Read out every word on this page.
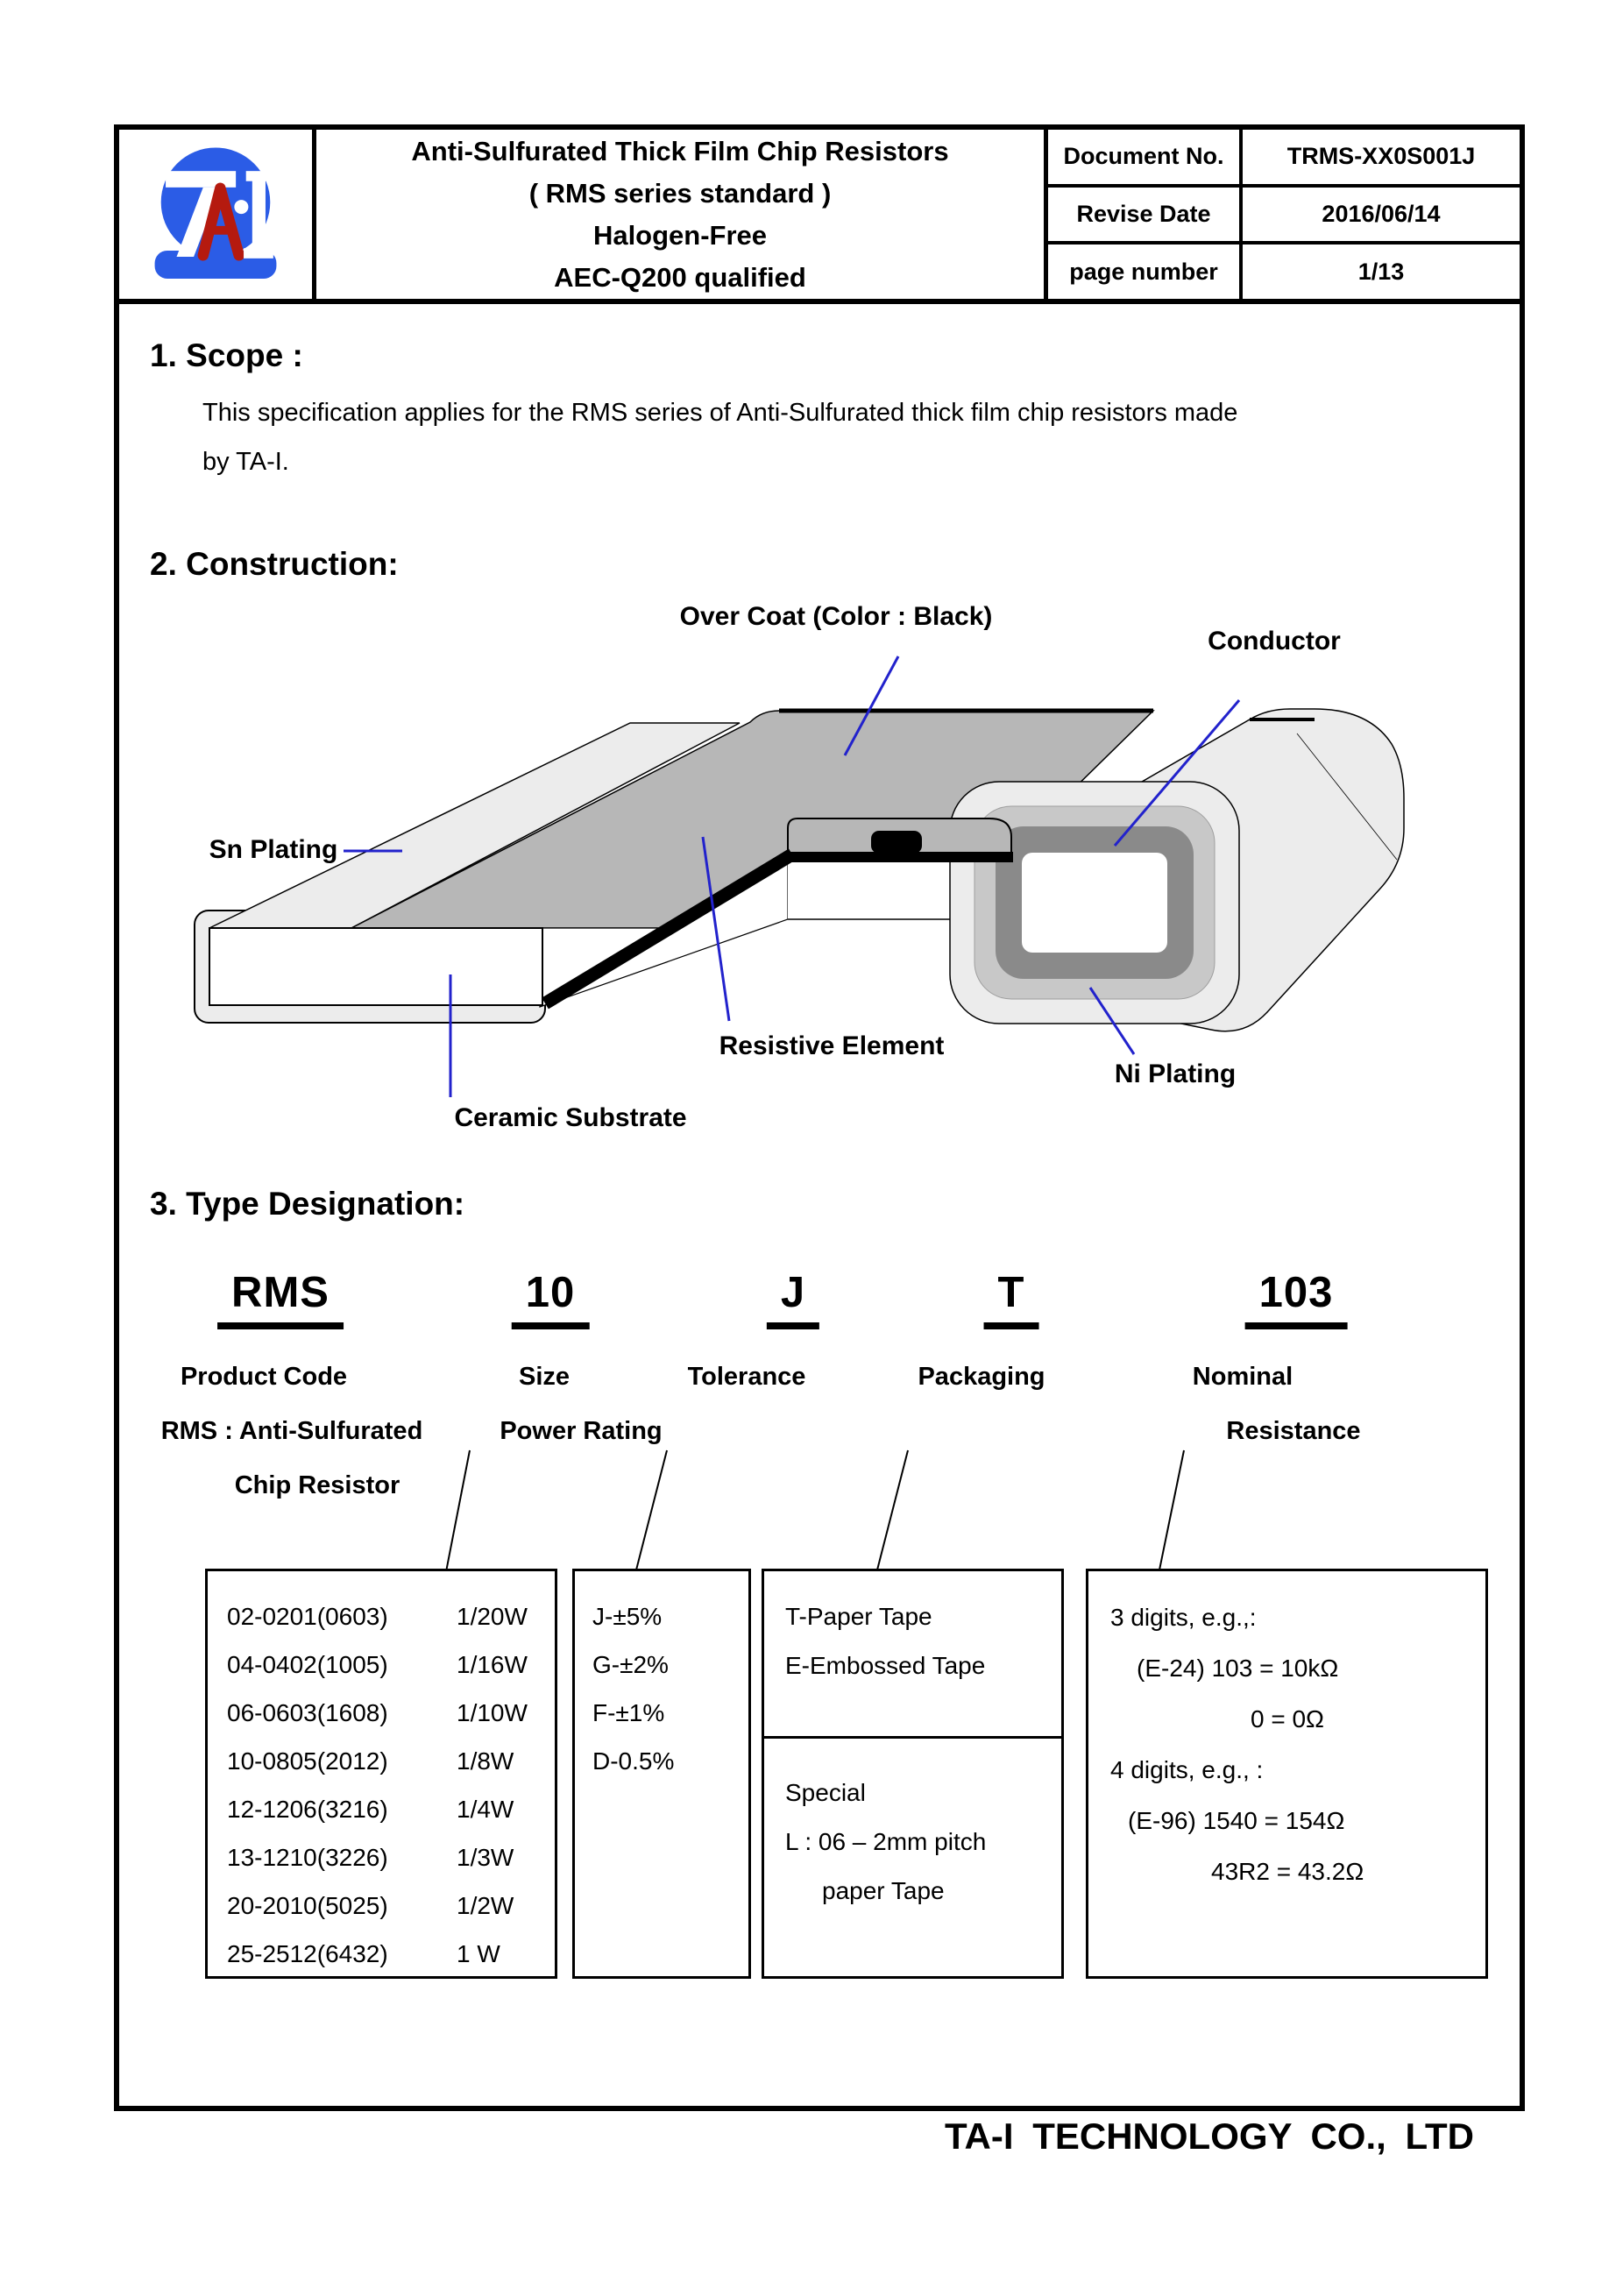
Anti-Sulfurated Thick Film Chip Resistors
( RMS series standard )
Halogen-Free
AEC-Q200 qualified
Document No.	TRMS-XX0S001J
Revise Date	2016/06/14
page number	1/13
1. Scope :
This specification applies for the RMS series of Anti-Sulfurated thick film chip resistors made
by TA-I.
2. Construction:
Over Coat (Color : Black)
Conductor
Sn Plating
Resistive Element
Ni Plating
Ceramic Substrate
3. Type Designation:
RMS	10	J	T	103
Product Code	Size	Tolerance	Packaging	Nominal
RMS : Anti-Sulfurated	Power Rating	Resistance
Chip Resistor
02-0201(0603)	1/20W
04-0402(1005)	1/16W
06-0603(1608)	1/10W
10-0805(2012)	1/8W
12-1206(3216)	1/4W
13-1210(3226)	1/3W
20-2010(5025)	1/2W
25-2512(6432)	1 W
J-±5%
G-±2%
F-±1%
D-0.5%
T-Paper Tape
E-Embossed Tape
Special
L : 06 – 2mm pitch
paper Tape
3 digits, e.g.,:
(E-24) 103 = 10kΩ
0 = 0Ω
4 digits, e.g., :
(E-96) 1540 = 154Ω
43R2 = 43.2Ω
TA-I TECHNOLOGY CO., LTD
